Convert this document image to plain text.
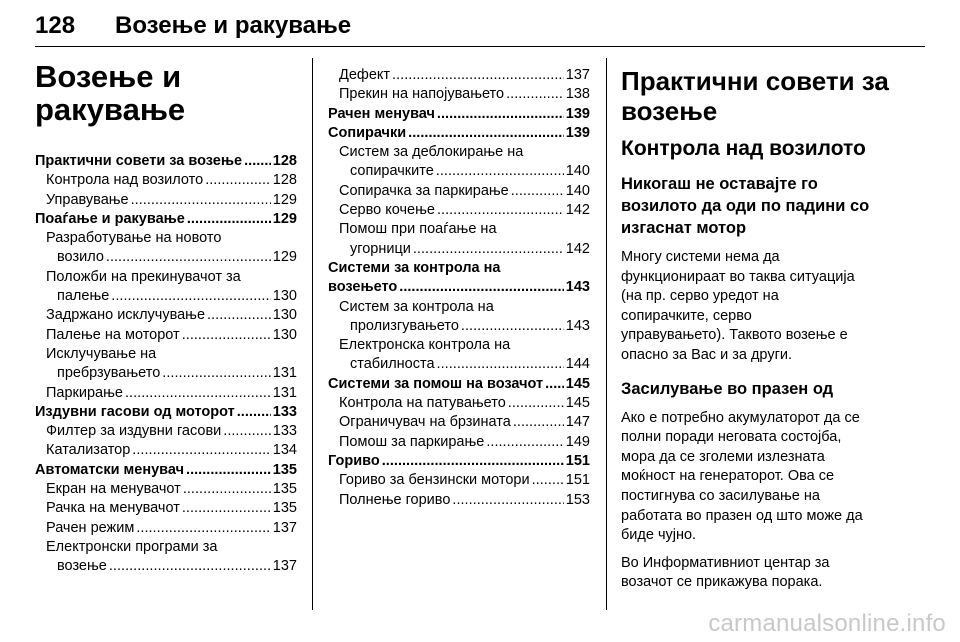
128 Возење и ракување
Возење и
ракување
Практични совети за возење . . . 128
Контрола над возилото . . .	128
Управување . . .	129
Поаѓање и ракување . . .	129
Разработување на новото
возило . . .	129
Положби на прекинувачот за
палење . . .	130
Задржано исклучување . . .	130
Палење на моторот . . .	130
Исклучување на
пребрзувањето . . .	131
Паркирање . . .	131
Издувни гасови од моторот . . .	133
Филтер за издувни гасови . . .	133
Катализатор . . .	134
Автоматски менувач . . .	135
Екран на менувачот . . .	135
Рачка на менувачот . . .	135
Рачен режим . . .	137
Електронски програми за
возење . . .	137
Дефект . . .	137
Прекин на напојувањето . . .	138
Рачен менувач . . .	139
Сопирачки . . .	139
Систем за деблокирање на
сопирачките . . .	140
Сопирачка за паркирање . . .	140
Серво кочење . . .	142
Помош при поаѓање на
угорници . . .	142
Системи за контрола на
возењето . . .	143
Систем за контрола на
пролизгувањето . . .	143
Електронска контрола на
стабилноста . . .	144
Системи за помош на возачот . . . 145
Контрола на патувањето . . .	145
Ограничувач на брзината . . .	147
Помош за паркирање . . .	149
Гориво . . .	151
Гориво за бензински мотори . . . 151
Полнење гориво . . .	153
Практични совети за
возење
Контрола над возилото
Никогаш не оставајте го
возилото да оди по падини со
изгаснат мотор
Многу системи нема да
функционираат во таква ситуација
(на пр. серво уредот на
сопирачките, серво
управувањето). Таквото возење е
опасно за Вас и за други.
Засилување во празен од
Ако е потребно акумулаторот да се
полни поради неговата состојба,
мора да се зголеми излезната
моќност на генераторот. Ова се
постигнува со засилување на
работата во празен од што може да
биде чујно.
Во Информативниот центар за
возачот се прикажува порака.
carmanualsonline.info
